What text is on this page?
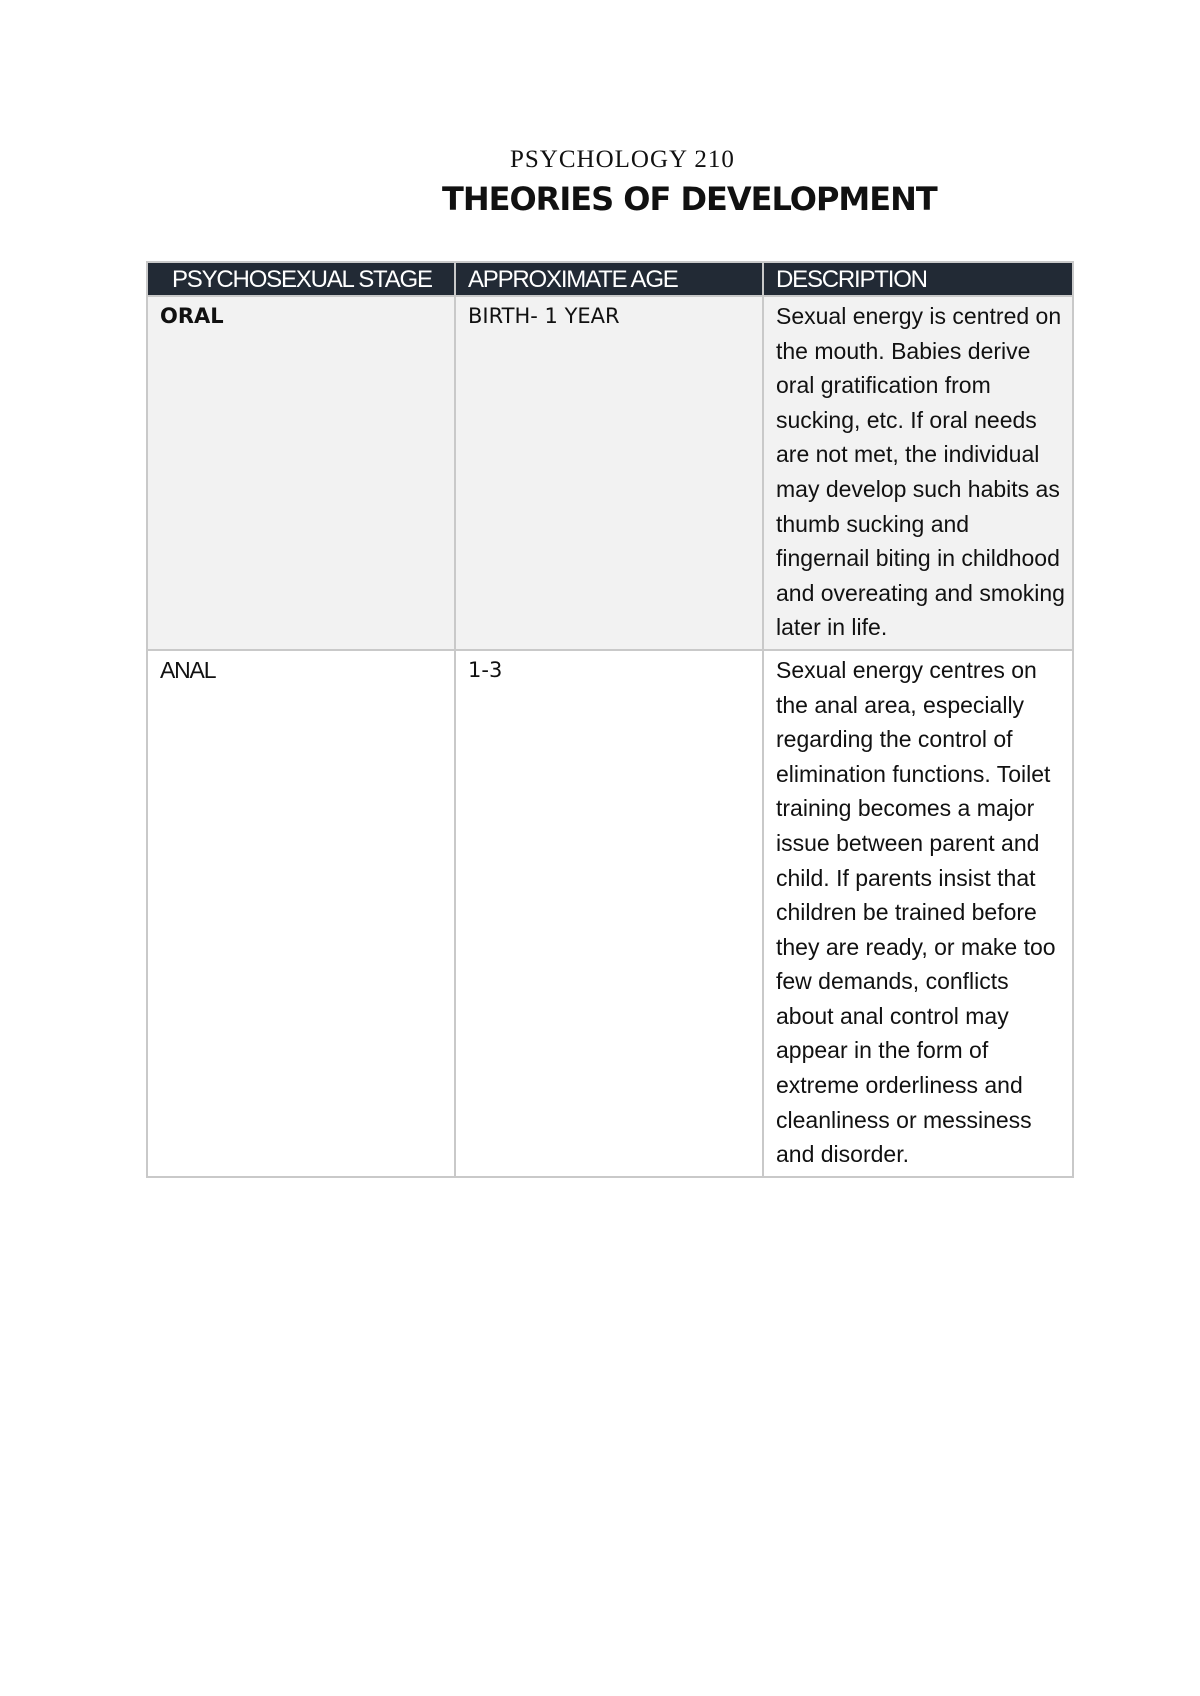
PSYCHOLOGY 210
THEORIES OF DEVELOPMENT
PSYCHOSEXUAL STAGE	APPROXIMATE AGE	DESCRIPTION
ORAL	BIRTH- 1 YEAR	Sexual energy is centred on the mouth. Babies derive oral gratification from sucking, etc. If oral needs are not met, the individual may develop such habits as thumb sucking and fingernail biting in childhood and overeating and smoking later in life.
ANAL	1-3	Sexual energy centres on the anal area, especially regarding the control of elimination functions. Toilet training becomes a major issue between parent and child. If parents insist that children be trained before they are ready, or make too few demands, conflicts about anal control may appear in the form of extreme orderliness and cleanliness or messiness and disorder.
